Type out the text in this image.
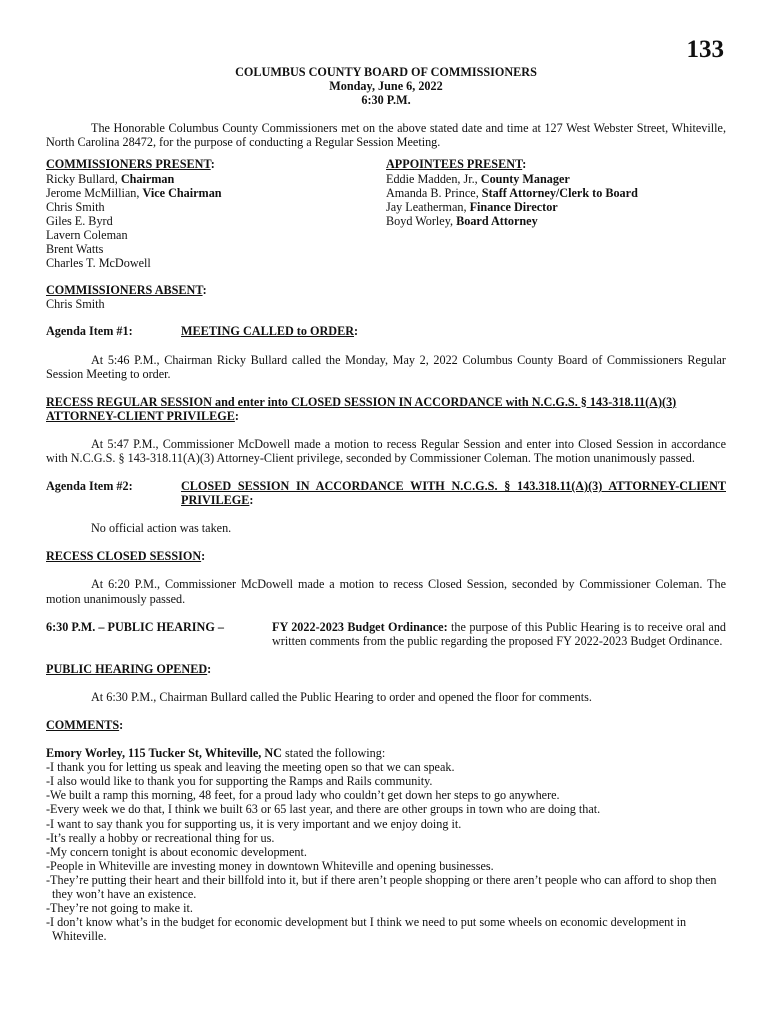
133
COLUMBUS COUNTY BOARD OF COMMISSIONERS
Monday, June 6, 2022
6:30 P.M.
The Honorable Columbus County Commissioners met on the above stated date and time at 127 West Webster Street, Whiteville, North Carolina 28472, for the purpose of conducting a Regular Session Meeting.
COMMISSIONERS PRESENT:
Ricky Bullard, Chairman
Jerome McMillian, Vice Chairman
Chris Smith
Giles E. Byrd
Lavern Coleman
Brent Watts
Charles T. McDowell
APPOINTEES PRESENT:
Eddie Madden, Jr., County Manager
Amanda B. Prince, Staff Attorney/Clerk to Board
Jay Leatherman, Finance Director
Boyd Worley, Board Attorney
COMMISSIONERS ABSENT:
Chris Smith
Agenda Item #1:	MEETING CALLED to ORDER:
At 5:46 P.M., Chairman Ricky Bullard called the Monday, May 2, 2022 Columbus County Board of Commissioners Regular Session Meeting to order.
RECESS REGULAR SESSION and enter into CLOSED SESSION IN ACCORDANCE with N.C.G.S. § 143-318.11(A)(3) ATTORNEY-CLIENT PRIVILEGE:
At 5:47 P.M., Commissioner McDowell made a motion to recess Regular Session and enter into Closed Session in accordance with N.C.G.S. § 143-318.11(A)(3) Attorney-Client privilege, seconded by Commissioner Coleman. The motion unanimously passed.
Agenda Item #2:	CLOSED SESSION IN ACCORDANCE WITH N.C.G.S. § 143.318.11(A)(3) ATTORNEY-CLIENT PRIVILEGE:
No official action was taken.
RECESS CLOSED SESSION:
At 6:20 P.M., Commissioner McDowell made a motion to recess Closed Session, seconded by Commissioner Coleman. The motion unanimously passed.
6:30 P.M. – PUBLIC HEARING –	FY 2022-2023 Budget Ordinance: the purpose of this Public Hearing is to receive oral and written comments from the public regarding the proposed FY 2022-2023 Budget Ordinance.
PUBLIC HEARING OPENED:
At 6:30 P.M., Chairman Bullard called the Public Hearing to order and opened the floor for comments.
COMMENTS:
Emory Worley, 115 Tucker St, Whiteville, NC stated the following:
-I thank you for letting us speak and leaving the meeting open so that we can speak.
-I also would like to thank you for supporting the Ramps and Rails community.
-We built a ramp this morning, 48 feet, for a proud lady who couldn’t get down her steps to go anywhere.
-Every week we do that, I think we built 63 or 65 last year, and there are other groups in town who are doing that.
-I want to say thank you for supporting us, it is very important and we enjoy doing it.
-It’s really a hobby or recreational thing for us.
-My concern tonight is about economic development.
-People in Whiteville are investing money in downtown Whiteville and opening businesses.
-They’re putting their heart and their billfold into it, but if there aren’t people shopping or there aren’t people who can afford to shop then they won’t have an existence.
-They’re not going to make it.
-I don’t know what’s in the budget for economic development but I think we need to put some wheels on economic development in Whiteville.
